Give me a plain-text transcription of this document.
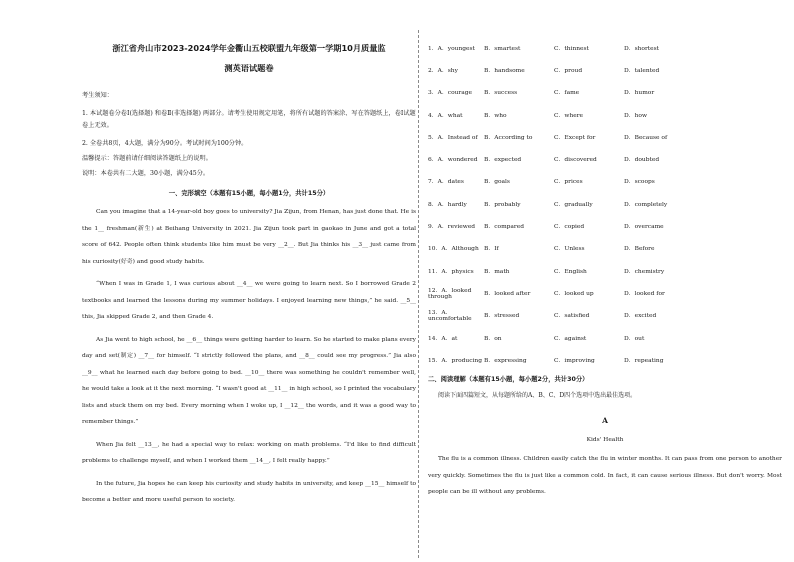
浙江省舟山市2023-2024学年金衢山五校联盟九年级第一学期10月质量监
测英语试题卷
考生须知：
1. 本试题卷分卷Ⅰ(选择题) 和卷Ⅱ(非选择题) 两部分。请考生使用规定用笔，将所有试题的答案涂、写在答题纸上，卷Ⅰ试题卷上无效。
2. 全卷共8页，4大题，满分为90分。考试时间为100分钟。
温馨提示：答题前请仔细阅读答题纸上的说明。
说明：本卷共有二大题，30小题，满分45分。
一、完形填空（本题有15小题，每小题1分，共计15分）

Can you imagine that a 14-year-old boy goes to university? Jia Zijun, from Henan, has just done that. He is the 1__ freshman(新生) at Beihang University in 2021. Jia Zijun took part in gaokao in June and got a total score of 642. People often think students like him must be very __2__. But Jia thinks his __3__ just came from his curiosity(好奇) and good study habits.

“When I was in Grade 1, I was curious about __4__ we were going to learn next. So I borrowed Grade 2 textbooks and learned the lessons during my summer holidays. I enjoyed learning new things,” he said. __5__ this, Jia skipped Grade 2, and then Grade 4.

As Jia went to high school, he __6__ things were getting harder to learn. So he started to make plans every day and set(制定) __7__ for himself. “I strictly followed the plans, and __8__ could see my progress.” Jia also __9__ what he learned each day before going to bed. __10__ there was something he couldn't remember well, he would take a look at it the next morning. “I wasn't good at __11__ in high school, so I printed the vocabulary lists and stuck them on my bed. Every morning when I woke up, I __12__ the words, and it was a good way to remember things.”

When Jia felt __13__, he had a special way to relax: working on math problems. “I'd like to find difficult problems to challenge myself, and when I worked them __14__, I felt really happy.”

In the future, Jia hopes he can keep his curiosity and study habits in university, and keep __15__ himself to become a better and more useful person to society.

1．A．youngest	B．smartest	C．thinnest	D．shortest
2．A．shy	B．handsome	C．proud	D．talented
3．A．courage	B．success	C．fame	D．humor
4．A．what	B．who	C．where	D．how
5．A．Instead of	B．According to	C．Except for	D．Because of
6．A．wondered	B．expected	C．discovered	D．doubted
7．A．dates	B．goals	C．prices	D．scoops
8．A．hardly	B．probably	C．gradually	D．completely
9．A．reviewed	B．compared	C．copied	D．overcame
10．A．Although B．If	C．Unless	D．Before
11．A．physics	B．math	C．English	D．chemistry
12．A．looked through	B．looked after	C．looked up	D．looked for
13．A．uncomfortable	B．stressed	C．satisfied	D．excited
14．A．at	B．on	C．against	D．out
15．A．producing B．expressing	C．improving	D．repeating
二、阅读理解（本题有15小题，每小题2分，共计30分）
阅读下面四篇短文，从每题所给的A、B、C、D四个选项中选出最佳选项。
A
Kids' Health
The flu is a common illness. Children easily catch the flu in winter months. It can pass from one person to another very quickly. Sometimes the flu is just like a common cold. In fact, it can cause serious illness. But don't worry. Most people can be ill without any problems.
